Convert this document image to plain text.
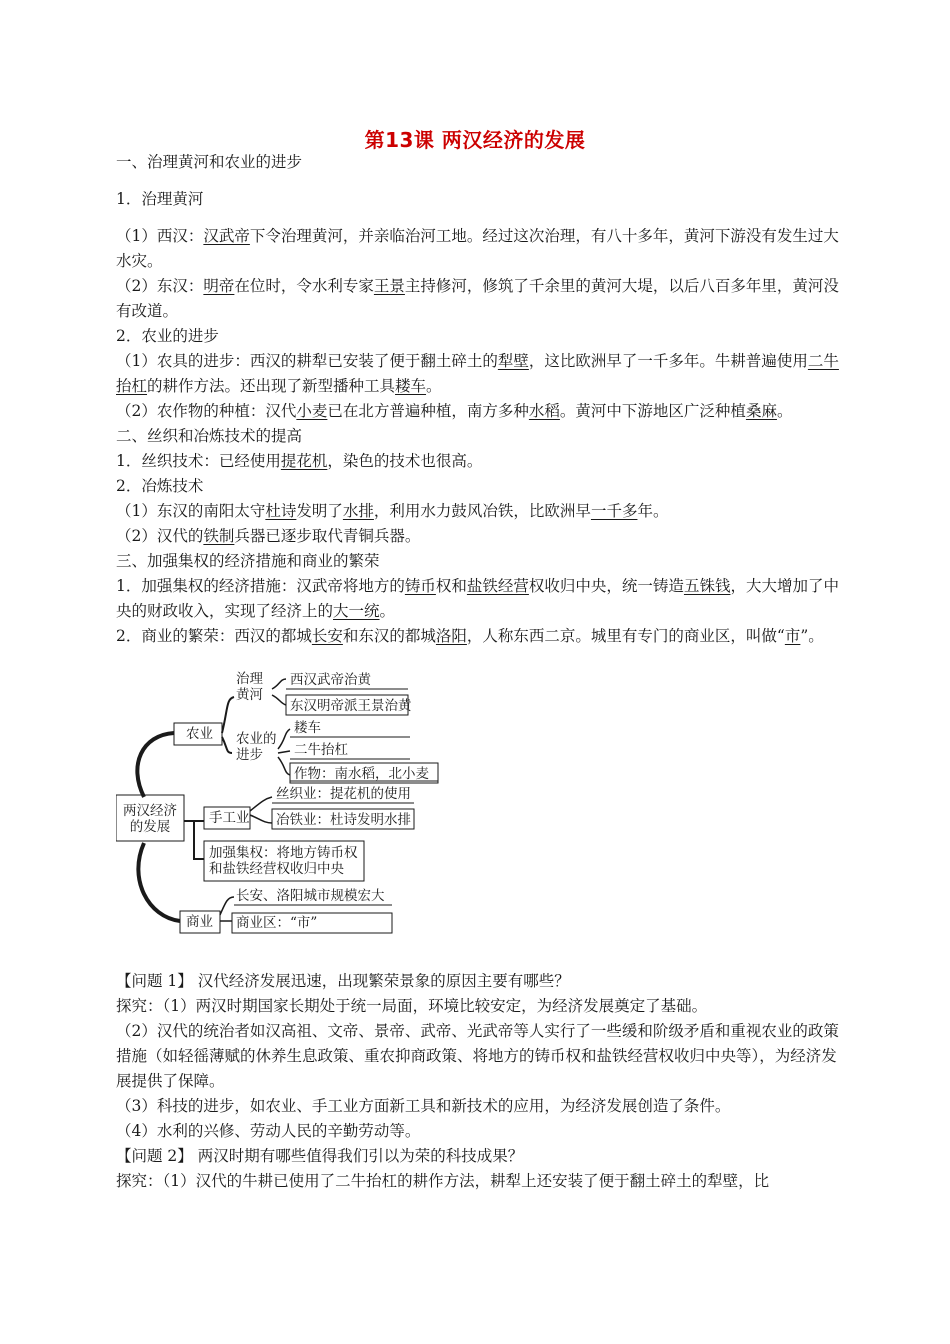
第13课 两汉经济的发展

一、治理黄河和农业的进步

1．治理黄河

（1）西汉：汉武帝下令治理黄河，并亲临治河工地。经过这次治理，有八十多年，黄河下游没有发生过大水灾。

（2）东汉：明帝在位时，令水利专家王景主持修河，修筑了千余里的黄河大堤，以后八百多年里，黄河没有改道。

2．农业的进步

（1）农具的进步：西汉的耕犁已安装了便于翻土碎土的犁壁，这比欧洲早了一千多年。牛耕普遍使用二牛抬杠的耕作方法。还出现了新型播种工具耧车。

（2）农作物的种植：汉代小麦已在北方普遍种植，南方多种水稻。黄河中下游地区广泛种植桑麻。

二、丝织和冶炼技术的提高

1．丝织技术：已经使用提花机，染色的技术也很高。

2．冶炼技术

（1）东汉的南阳太守杜诗发明了水排，利用水力鼓风冶铁，比欧洲早一千多年。

（2）汉代的铁制兵器已逐步取代青铜兵器。

三、加强集权的经济措施和商业的繁荣

1．加强集权的经济措施：汉武帝将地方的铸币权和盐铁经营权收归中央，统一铸造五铢钱，大大增加了中央的财政收入，实现了经济上的大一统。

2．商业的繁荣：西汉的都城长安和东汉的都城洛阳，人称东西二京。城里有专门的商业区，叫做“市”。

两汉经济的发展
农业
手工业
加强集权：将地方铸币权和盐铁经营权收归中央
商业
治理黄河
农业的进步
西汉武帝治黄
东汉明帝派王景治黄
耧车
二牛抬杠
作物：南水稻，北小麦
丝织业：提花机的使用
冶铁业：杜诗发明水排
长安、洛阳城市规模宏大
商业区：“市”

【问题 1】 汉代经济发展迅速，出现繁荣景象的原因主要有哪些？

探究：（1）两汉时期国家长期处于统一局面，环境比较安定，为经济发展奠定了基础。

（2）汉代的统治者如汉高祖、文帝、景帝、武帝、光武帝等人实行了一些缓和阶级矛盾和重视农业的政策措施（如轻徭薄赋的休养生息政策、重农抑商政策、将地方的铸币权和盐铁经营权收归中央等），为经济发展提供了保障。

（3）科技的进步，如农业、手工业方面新工具和新技术的应用，为经济发展创造了条件。

（4）水利的兴修、劳动人民的辛勤劳动等。

【问题 2】 两汉时期有哪些值得我们引以为荣的科技成果？

探究：（1）汉代的牛耕已使用了二牛抬杠的耕作方法，耕犁上还安装了便于翻土碎土的犁壁，比
